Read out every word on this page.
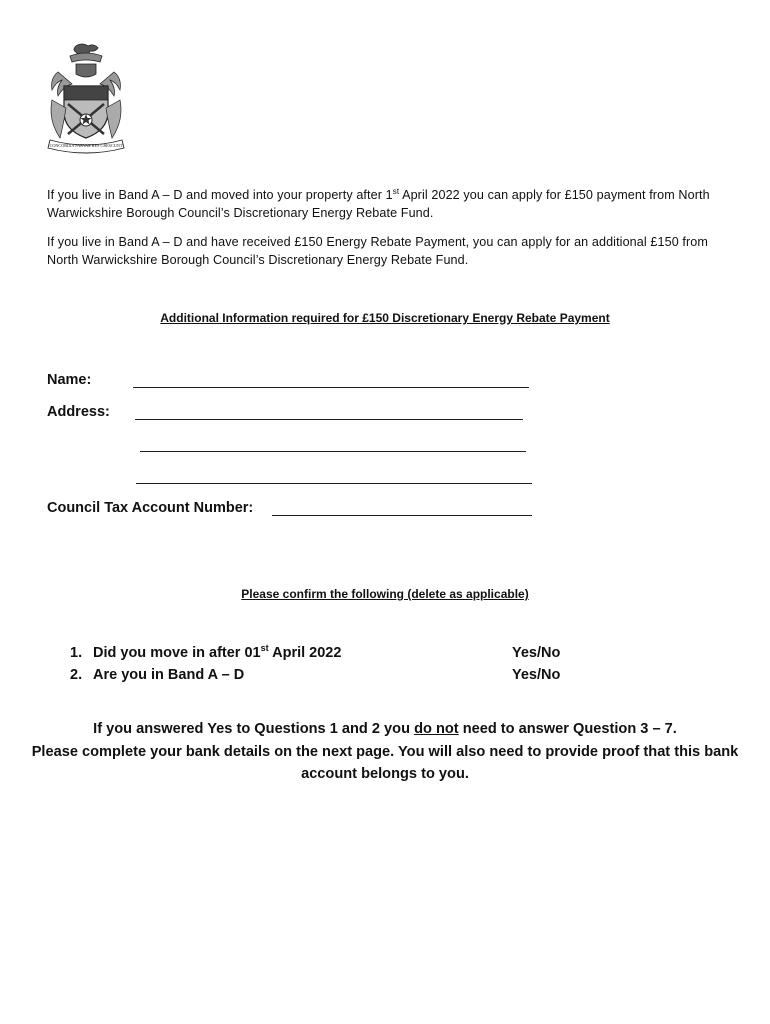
CONCORDIA PARVAE RES CRESCUNT
If you live in Band A – D and moved into your property after 1st April 2022 you can apply for £150 payment from North Warwickshire Borough Council’s Discretionary Energy Rebate Fund.
If you live in Band A – D and have received £150 Energy Rebate Payment, you can apply for an additional £150 from North Warwickshire Borough Council’s Discretionary Energy Rebate Fund.
Additional Information required for £150 Discretionary Energy Rebate Payment
Name:
Address:
Council Tax Account Number:
Please confirm the following (delete as applicable)
1. Did you move in after 01st April 2022	Yes/No
2. Are you in Band A – D	Yes/No
If you answered Yes to Questions 1 and 2 you do not need to answer Question 3 – 7.
Please complete your bank details on the next page. You will also need to provide proof that this bank account belongs to you.
